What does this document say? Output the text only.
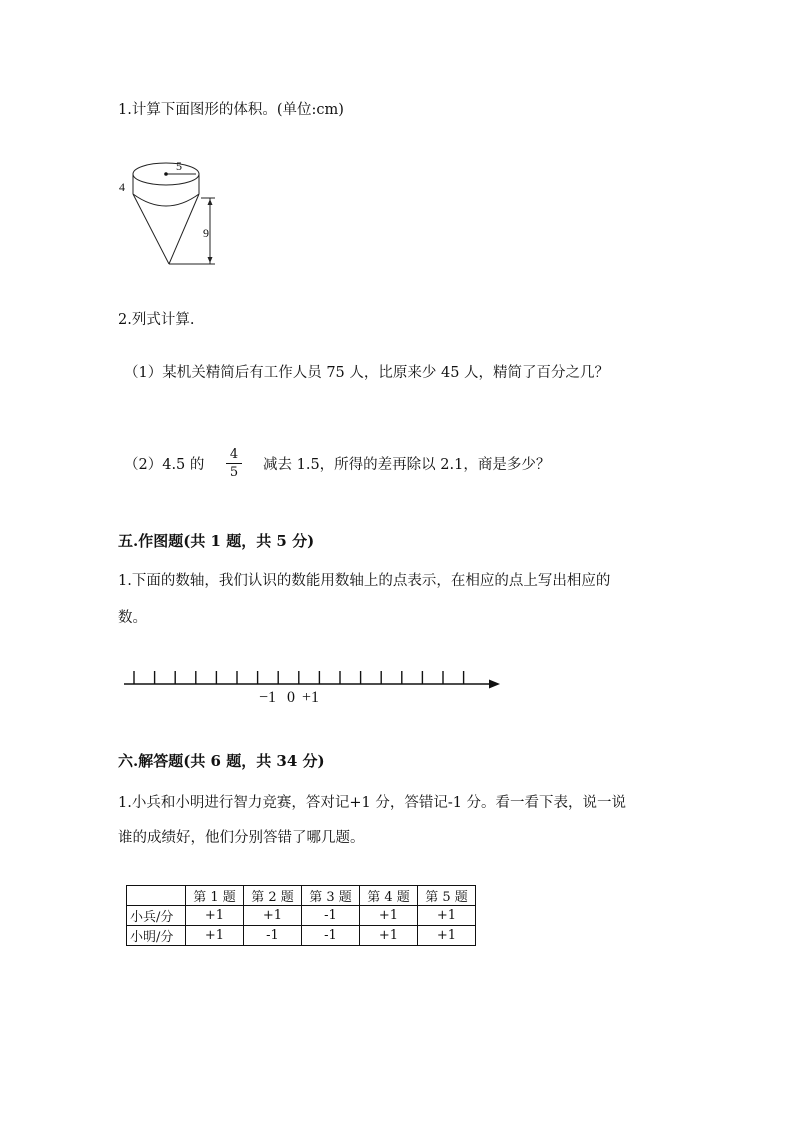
1.计算下面图形的体积。(单位:cm)
5
4
9
2.列式计算.
（1）某机关精简后有工作人员 75 人，比原来少 45 人，精简了百分之几？
（2）4.5 的 $\frac{4}{5}$ 减去 1.5，所得的差再除以 2.1，商是多少？
五.作图题(共 1 题，共 5 分)
1.下面的数轴，我们认识的数能用数轴上的点表示，在相应的点上写出相应的
数。
−1 0 +1
六.解答题(共 6 题，共 34 分)
1.小兵和小明进行智力竞赛，答对记+1 分，答错记-1 分。看一看下表，说一说
谁的成绩好，他们分别答错了哪几题。
	第 1 题	第 2 题	第 3 题	第 4 题	第 5 题
小兵/分	+1	+1	-1	+1	+1
小明/分	+1	-1	-1	+1	+1
